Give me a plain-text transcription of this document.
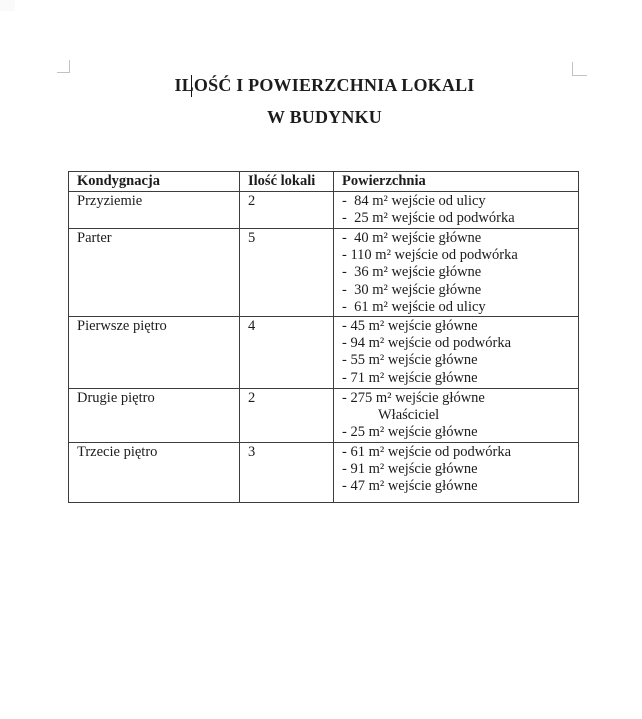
ILOŚĆ I POWIERZCHNIA LOKALI

W BUDYNKU

Kondygnacja	Ilość lokali	Powierzchnia
Przyziemie	2	-  84 m² wejście od ulicy
-  25 m² wejście od podwórka

Parter	5	-  40 m² wejście główne
- 110 m² wejście od podwórka
-  36 m² wejście główne
-  30 m² wejście główne
-  61 m² wejście od ulicy

Pierwsze piętro	4	- 45 m² wejście główne
- 94 m² wejście od podwórka
- 55 m² wejście główne
- 71 m² wejście główne

Drugie piętro	2	- 275 m² wejście główne
Właściciel
- 25 m² wejście główne

Trzecie piętro	3	- 61 m² wejście od podwórka
- 91 m² wejście główne
- 47 m² wejście główne
